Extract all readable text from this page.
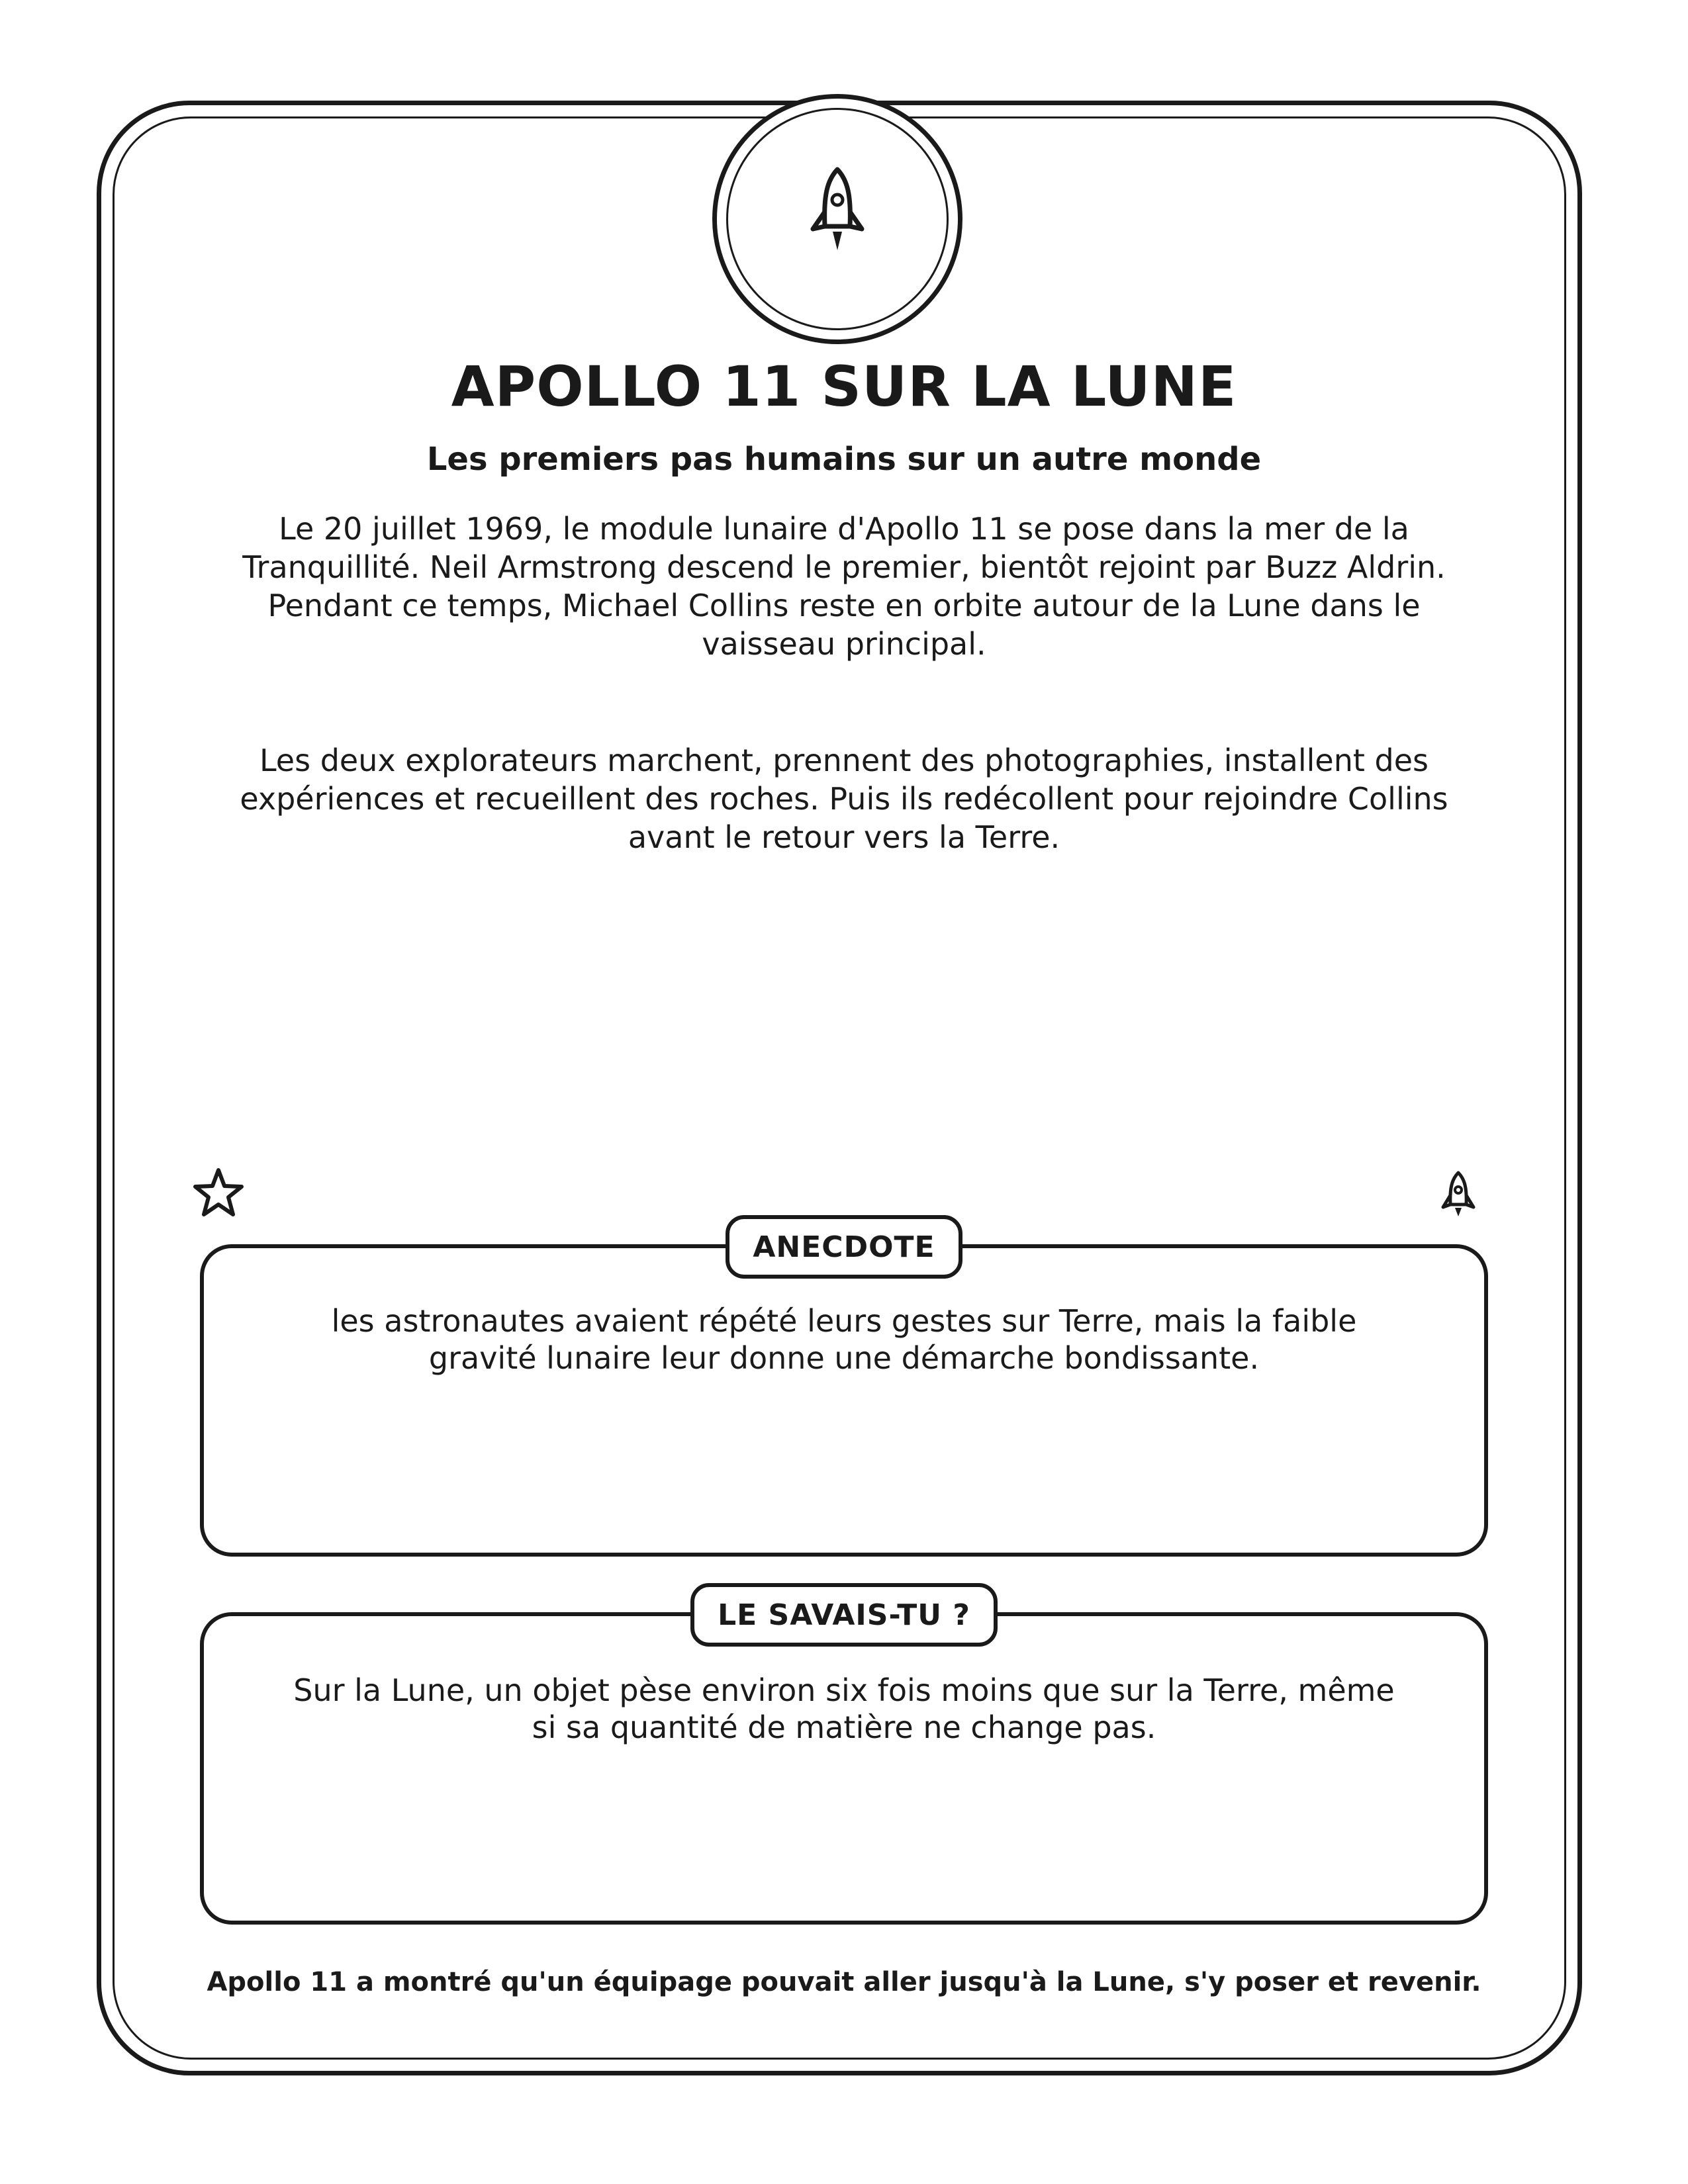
APOLLO 11 SUR LA LUNE
Les premiers pas humains sur un autre monde
Le 20 juillet 1969, le module lunaire d'Apollo 11 se pose dans la mer de la Tranquillité. Neil Armstrong descend le premier, bientôt rejoint par Buzz Aldrin. Pendant ce temps, Michael Collins reste en orbite autour de la Lune dans le vaisseau principal.
Les deux explorateurs marchent, prennent des photographies, installent des expériences et recueillent des roches. Puis ils redécollent pour rejoindre Collins avant le retour vers la Terre.
ANECDOTE
les astronautes avaient répété leurs gestes sur Terre, mais la faible gravité lunaire leur donne une démarche bondissante.
LE SAVAIS-TU ?
Sur la Lune, un objet pèse environ six fois moins que sur la Terre, même si sa quantité de matière ne change pas.
Apollo 11 a montré qu'un équipage pouvait aller jusqu'à la Lune, s'y poser et revenir.
